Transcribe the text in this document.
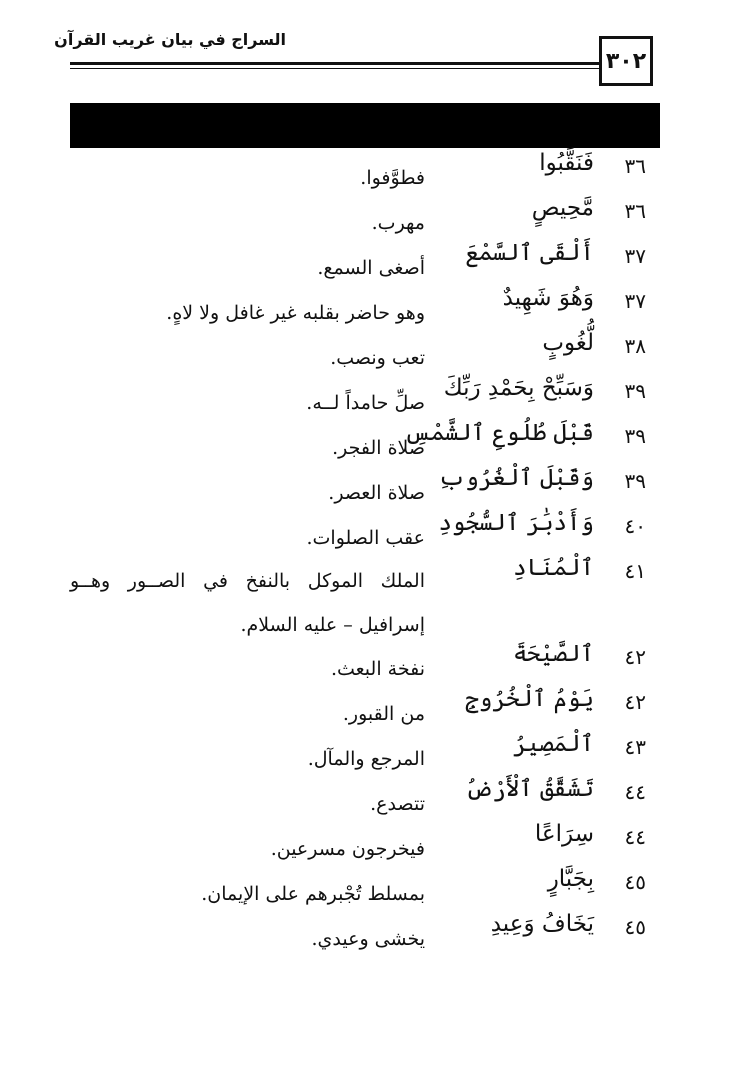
السراج في بيان غريب القرآن
٣٠٢
٣٦
فَنَقَّبُوا
فطوَّفوا.
٣٦
مَّحِيصٍ
مهرب.
٣٧
أَلْقَى ٱلسَّمْعَ
أصغى السمع.
٣٧
وَهُوَ شَهِيدٌ
وهو حاضر بقلبه غير غافل ولا لاهٍ.
٣٨
لُّغُوبٍ
تعب ونصب.
٣٩
وَسَبِّحْ بِحَمْدِ رَبِّكَ
صلِّ حامداً لــه.
٣٩
قَبْلَ طُلُوعِ ٱلشَّمْسِ
صلاة الفجر.
٣٩
وَقَبْلَ ٱلْغُرُوبِ
صلاة العصر.
٤٠
وَأَدْبَٰرَ ٱلسُّجُودِ
عقب الصلوات.
٤١
ٱلْمُنَادِ
الملك الموكل بالنفخ في الصــور وهــو إسرافيل – عليه السلام.
٤٢
ٱلصَّيْحَةَ
نفخة البعث.
٤٢
يَوْمُ ٱلْخُرُوجِ
من القبور.
٤٣
ٱلْمَصِيرُ
المرجع والمآل.
٤٤
تَشَقَّقُ ٱلْأَرْضُ
تتصدع.
٤٤
سِرَاعًا
فيخرجون مسرعين.
٤٥
بِجَبَّارٍ
بمسلط تُجْبرهم على الإيمان.
٤٥
يَخَافُ وَعِيدِ
يخشى وعيدي.
